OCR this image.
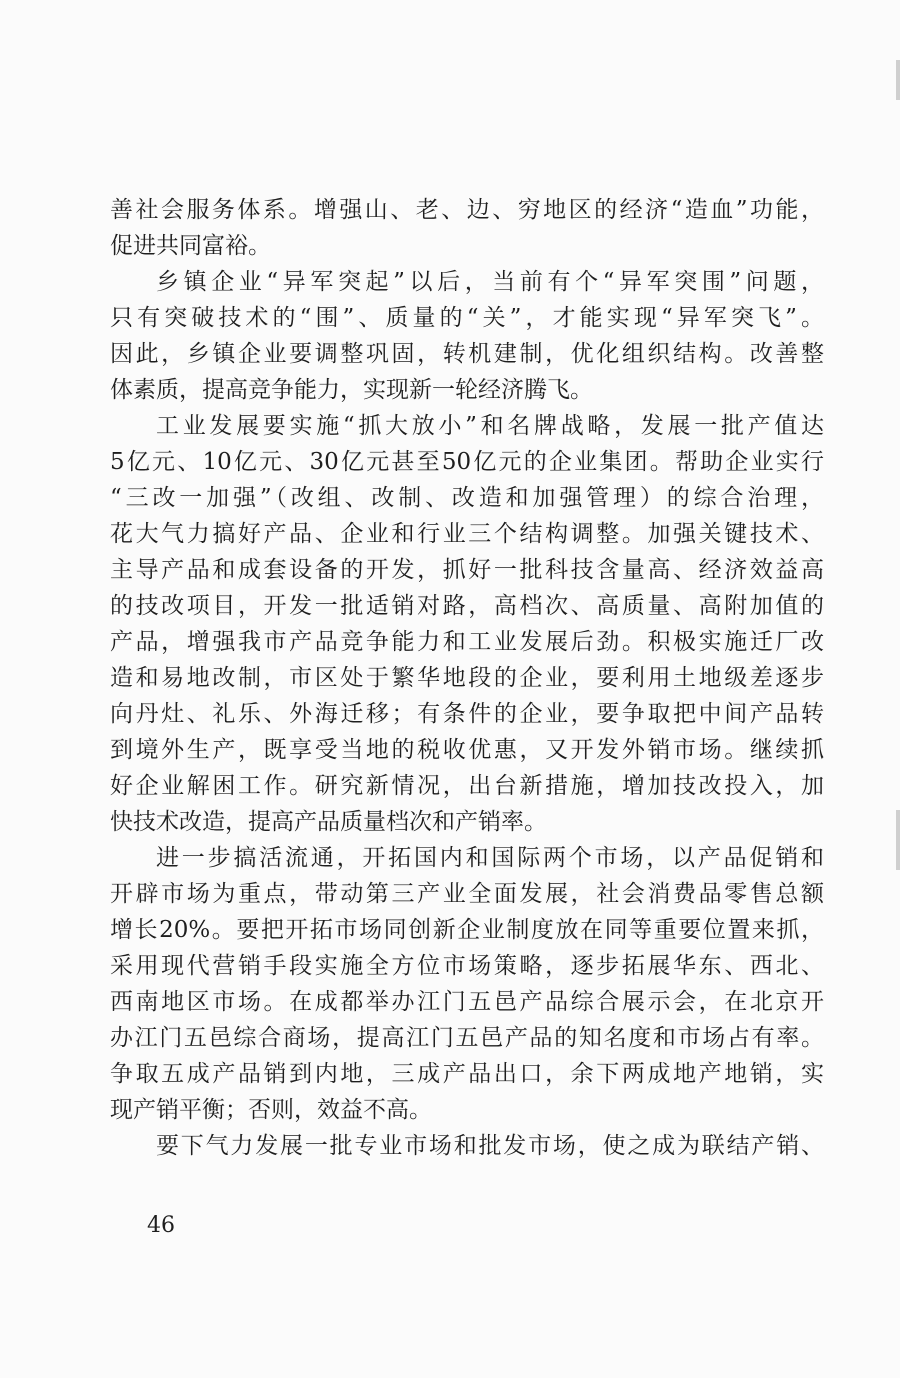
善社会服务体系。增强山、老、边、穷地区的经济“造血”功能，
促进共同富裕。
乡镇企业“异军突起”以后，当前有个“异军突围”问题，
只有突破技术的“围”、质量的“关”，才能实现“异军突飞”。
因此，乡镇企业要调整巩固，转机建制，优化组织结构。改善整
体素质，提高竞争能力，实现新一轮经济腾飞。
工业发展要实施“抓大放小”和名牌战略，发展一批产值达
5亿元、10亿元、30亿元甚至50亿元的企业集团。帮助企业实行
“三改一加强”（改组、改制、改造和加强管理）的综合治理，
花大气力搞好产品、企业和行业三个结构调整。加强关键技术、
主导产品和成套设备的开发，抓好一批科技含量高、经济效益高
的技改项目，开发一批适销对路，高档次、高质量、高附加值的
产品，增强我市产品竞争能力和工业发展后劲。积极实施迁厂改
造和易地改制，市区处于繁华地段的企业，要利用土地级差逐步
向丹灶、礼乐、外海迁移；有条件的企业，要争取把中间产品转
到境外生产，既享受当地的税收优惠，又开发外销市场。继续抓
好企业解困工作。研究新情况，出台新措施，增加技改投入，加
快技术改造，提高产品质量档次和产销率。
进一步搞活流通，开拓国内和国际两个市场，以产品促销和
开辟市场为重点，带动第三产业全面发展，社会消费品零售总额
增长20%。要把开拓市场同创新企业制度放在同等重要位置来抓，
采用现代营销手段实施全方位市场策略，逐步拓展华东、西北、
西南地区市场。在成都举办江门五邑产品综合展示会，在北京开
办江门五邑综合商场，提高江门五邑产品的知名度和市场占有率。
争取五成产品销到内地，三成产品出口，余下两成地产地销，实
现产销平衡；否则，效益不高。
要下气力发展一批专业市场和批发市场，使之成为联结产销、
46
